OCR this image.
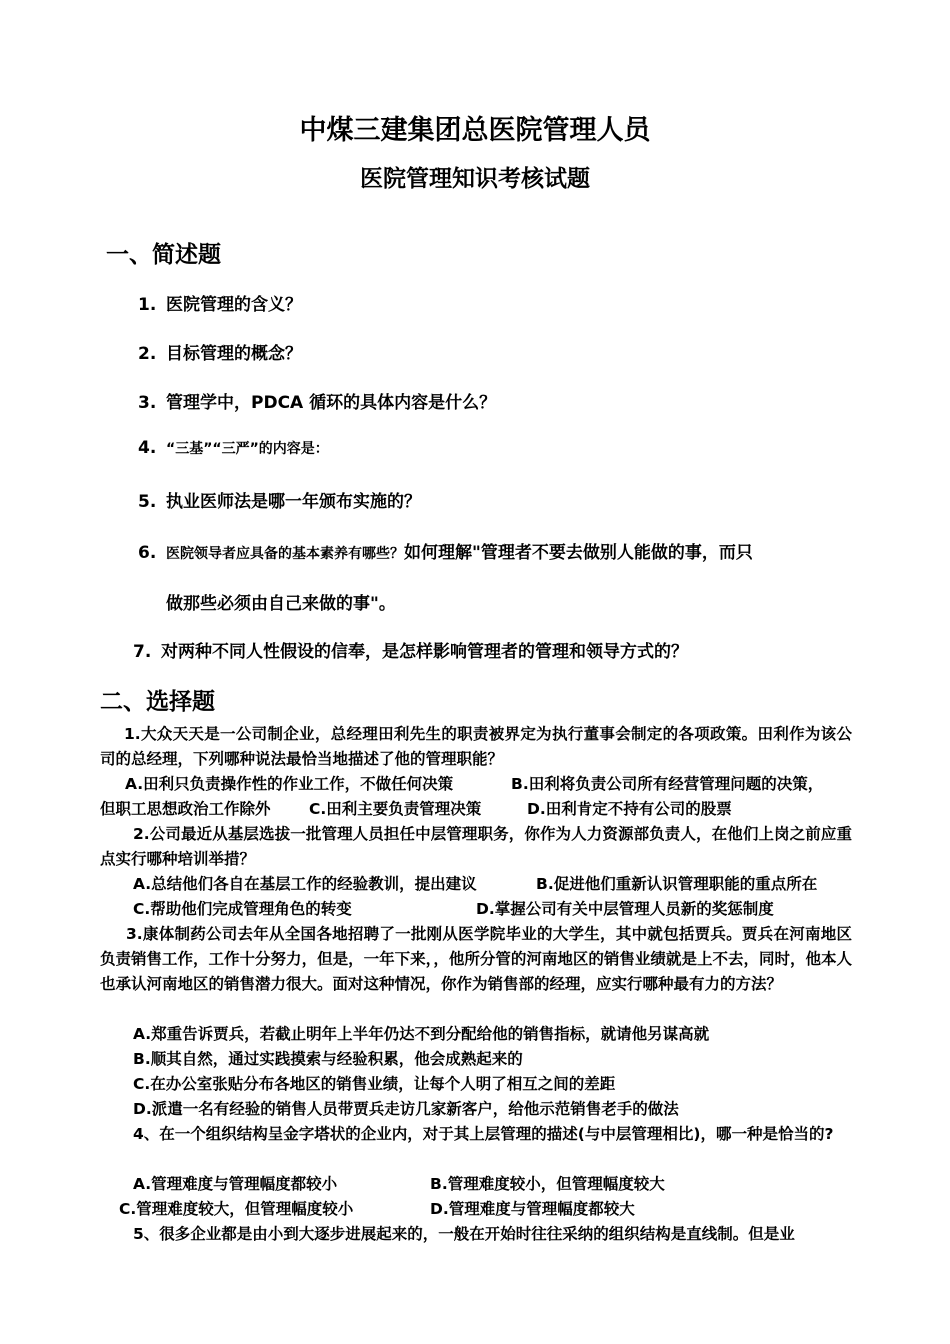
中煤三建集团总医院管理人员
医院管理知识考核试题
一、简述题
1. 医院管理的含义？
2. 目标管理的概念？
3. 管理学中，PDCA 循环的具体内容是什么？
4. “三基”“三严”的内容是：
5. 执业医师法是哪一年颁布实施的？
6. 医院领导者应具备的基本素养有哪些？如何理解"管理者不要去做别人能做的事，而只
做那些必须由自己来做的事"。
7. 对两种不同人性假设的信奉，是怎样影响管理者的管理和领导方式的？
二、选择题
1.大众天天是一公司制企业，总经理田利先生的职责被界定为执行董事会制定的各项政策。田利作为该公司的总经理，下列哪种说法最恰当地描述了他的管理职能？
A.田利只负责操作性的作业工作，不做任何决策	B.田利将负责公司所有经营管理问题的决策，
但职工思想政治工作除外 C.田利主要负责管理决策	D.田利肯定不持有公司的股票
2.公司最近从基层选拔一批管理人员担任中层管理职务，你作为人力资源部负责人，在他们上岗之前应重点实行哪种培训举措？
A.总结他们各自在基层工作的经验教训，提出建议	B.促进他们重新认识管理职能的重点所在
C.帮助他们完成管理角色的转变	D.掌握公司有关中层管理人员新的奖惩制度
3.康体制药公司去年从全国各地招聘了一批刚从医学院毕业的大学生，其中就包括贾兵。贾兵在河南地区负责销售工作，工作十分努力，但是，一年下来，，他所分管的河南地区的销售业绩就是上不去，同时，他本人也承认河南地区的销售潜力很大。面对这种情况，你作为销售部的经理，应实行哪种最有力的方法？
A.郑重告诉贾兵，若截止明年上半年仍达不到分配给他的销售指标，就请他另谋高就
B.顺其自然，通过实践摸索与经验积累，他会成熟起来的
C.在办公室张贴分布各地区的销售业绩，让每个人明了相互之间的差距
D.派遣一名有经验的销售人员带贾兵走访几家新客户，给他示范销售老手的做法
4、在一个组织结构呈金字塔状的企业内，对于其上层管理的描述(与中层管理相比)，哪一种是恰当的?
A.管理难度与管理幅度都较小	B.管理难度较小，但管理幅度较大
C.管理难度较大，但管理幅度较小	D.管理难度与管理幅度都较大
5、很多企业都是由小到大逐步进展起来的，一般在开始时往往采纳的组织结构是直线制。但是业
